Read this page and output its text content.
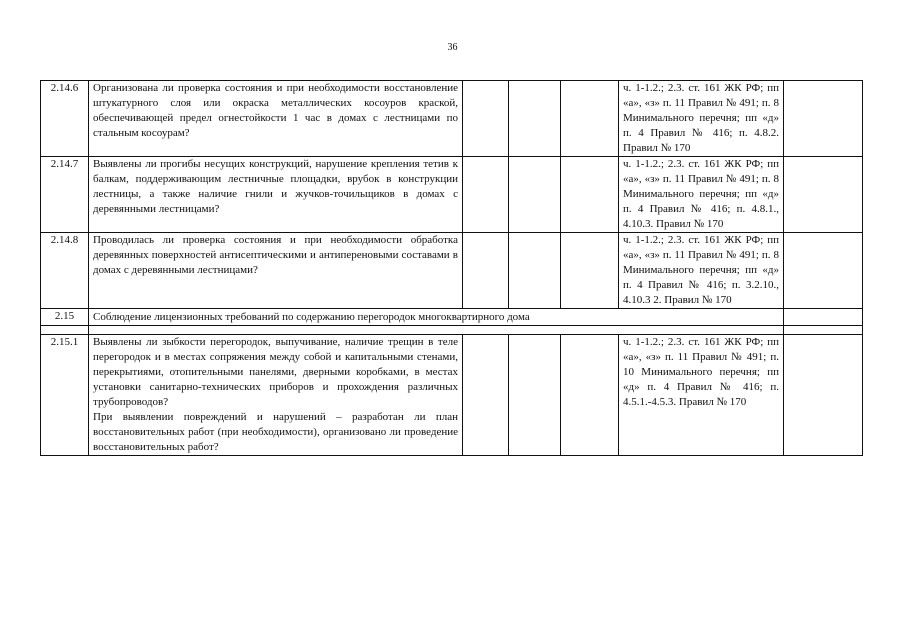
36
2.14.6	Организована ли проверка состояния и при необходимости восстановление штукатурного слоя или окраска металлических косоуров краской, обеспечивающей предел огнестойкости 1 час в домах с лестницами по стальным косоурам?				ч. 1-1.2.; 2.3. ст. 161 ЖК РФ; пп «а», «з» п. 11 Правил № 491; п. 8 Минимального перечня; пп «д» п. 4 Правил № 416; п. 4.8.2. Правил № 170	
2.14.7	Выявлены ли прогибы несущих конструкций, нарушение крепления тетив к балкам, поддерживающим лестничные площадки, врубок в конструкции лестницы, а также наличие гнили и жучков-точильщиков в домах с деревянными лестницами?				ч. 1-1.2.; 2.3. ст. 161 ЖК РФ; пп «а», «з» п. 11 Правил № 491; п. 8 Минимального перечня; пп «д» п. 4 Правил № 416; п. 4.8.1., 4.10.3. Правил № 170	
2.14.8	Проводилась ли проверка состояния и при необходимости обработка деревянных поверхностей антисептическими и антипереновыми составами в домах с деревянными лестницами?				ч. 1-1.2.; 2.3. ст. 161 ЖК РФ; пп «а», «з» п. 11 Правил № 491; п. 8 Минимального перечня; пп «д» п. 4 Правил № 416; п. 3.2.10., 4.10.3 2. Правил № 170	
2.15	Соблюдение лицензионных требований по содержанию перегородок многоквартирного дома					

2.15.1	Выявлены ли зыбкости перегородок, выпучивание, наличие трещин в теле перегородок и в местах сопряжения между собой и капитальными стенами, перекрытиями, отопительными панелями, дверными коробками, в местах установки санитарно-технических приборов и прохождения различных трубопроводов?
При выявлении повреждений и нарушений – разработан ли план восстановительных работ (при необходимости), организовано ли проведение восстановительных работ?				ч. 1-1.2.; 2.3. ст. 161 ЖК РФ; пп «а», «з» п. 11 Правил № 491; п. 10 Минимального перечня; пп «д» п. 4 Правил № 416; п. 4.5.1.-4.5.3. Правил № 170	
